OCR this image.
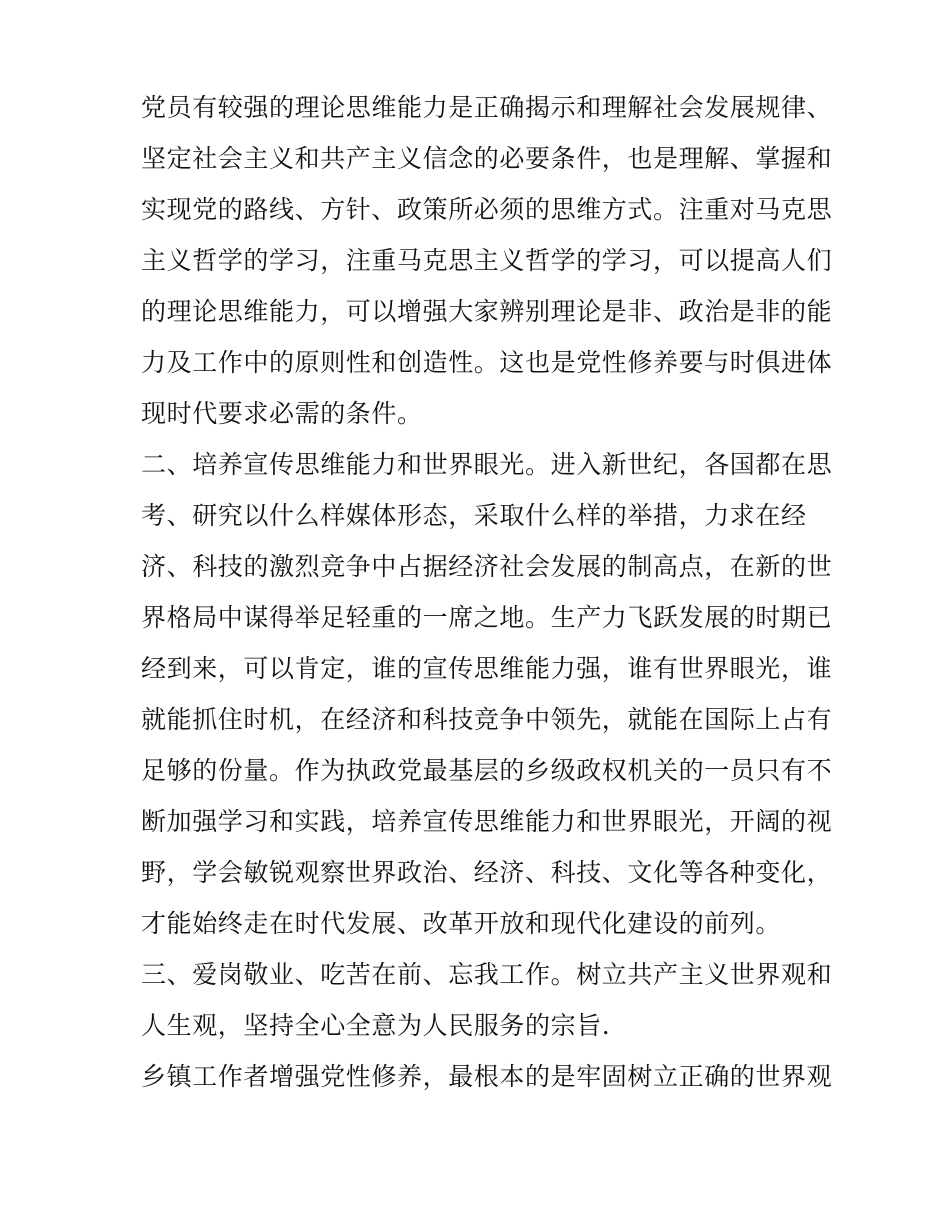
党员有较强的理论思维能力是正确揭示和理解社会发展规律、
坚定社会主义和共产主义信念的必要条件，也是理解、掌握和
实现党的路线、方针、政策所必须的思维方式。注重对马克思
主义哲学的学习，注重马克思主义哲学的学习，可以提高人们
的理论思维能力，可以增强大家辨别理论是非、政治是非的能
力及工作中的原则性和创造性。这也是党性修养要与时俱进体
现时代要求必需的条件。
二、培养宣传思维能力和世界眼光。进入新世纪，各国都在思
考、研究以什么样媒体形态，采取什么样的举措，力求在经
济、科技的激烈竞争中占据经济社会发展的制高点，在新的世
界格局中谋得举足轻重的一席之地。生产力飞跃发展的时期已
经到来，可以肯定，谁的宣传思维能力强，谁有世界眼光，谁
就能抓住时机，在经济和科技竞争中领先，就能在国际上占有
足够的份量。作为执政党最基层的乡级政权机关的一员只有不
断加强学习和实践，培养宣传思维能力和世界眼光，开阔的视
野，学会敏锐观察世界政治、经济、科技、文化等各种变化，
才能始终走在时代发展、改革开放和现代化建设的前列。
三、爱岗敬业、吃苦在前、忘我工作。树立共产主义世界观和
人生观，坚持全心全意为人民服务的宗旨.
乡镇工作者增强党性修养，最根本的是牢固树立正确的世界观
